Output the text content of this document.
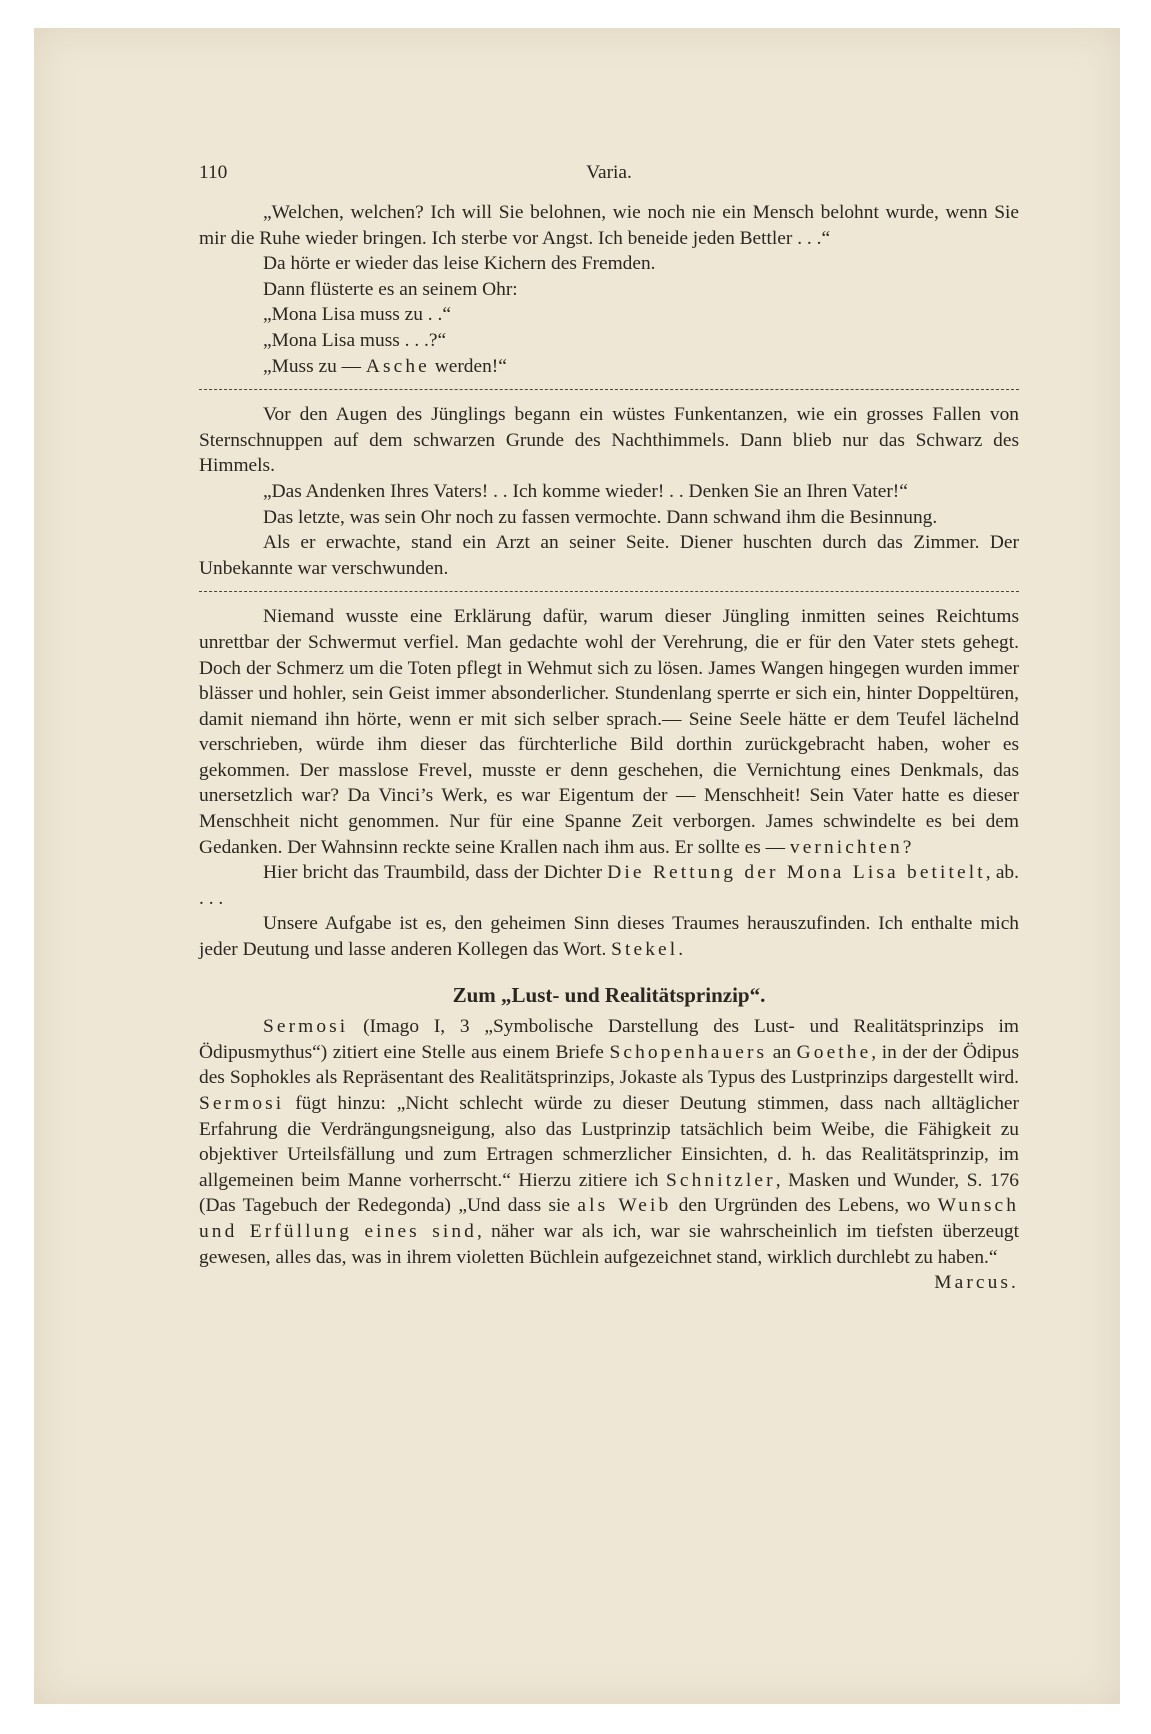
110	Varia.

„Welchen, welchen? Ich will Sie belohnen, wie noch nie ein Mensch belohnt wurde, wenn Sie mir die Ruhe wieder bringen. Ich sterbe vor Angst. Ich beneide jeden Bettler . . .“

Da hörte er wieder das leise Kichern des Fremden.

Dann flüsterte es an seinem Ohr:

„Mona Lisa muss zu . .“

„Mona Lisa muss . . .?“

„Muss zu — Asche werden!“

Vor den Augen des Jünglings begann ein wüstes Funkentanzen, wie ein grosses Fallen von Sternschnuppen auf dem schwarzen Grunde des Nachthimmels. Dann blieb nur das Schwarz des Himmels.

„Das Andenken Ihres Vaters! . . Ich komme wieder! . . Denken Sie an Ihren Vater!“

Das letzte, was sein Ohr noch zu fassen vermochte. Dann schwand ihm die Besinnung.

Als er erwachte, stand ein Arzt an seiner Seite. Diener huschten durch das Zimmer. Der Unbekannte war verschwunden.

Niemand wusste eine Erklärung dafür, warum dieser Jüngling inmitten seines Reichtums unrettbar der Schwermut verfiel. Man gedachte wohl der Verehrung, die er für den Vater stets gehegt. Doch der Schmerz um die Toten pflegt in Wehmut sich zu lösen. James Wangen hingegen wurden immer blässer und hohler, sein Geist immer absonderlicher. Stundenlang sperrte er sich ein, hinter Doppeltüren, damit niemand ihn hörte, wenn er mit sich selber sprach.— Seine Seele hätte er dem Teufel lächelnd verschrieben, würde ihm dieser das fürchterliche Bild dorthin zurückgebracht haben, woher es gekommen. Der masslose Frevel, musste er denn geschehen, die Vernichtung eines Denkmals, das unersetzlich war? Da Vinci’s Werk, es war Eigentum der — Menschheit! Sein Vater hatte es dieser Menschheit nicht genommen. Nur für eine Spanne Zeit verborgen. James schwindelte es bei dem Gedanken. Der Wahnsinn reckte seine Krallen nach ihm aus. Er sollte es — vernichten?

Hier bricht das Traumbild, dass der Dichter Die Rettung der Mona Lisa betitelt, ab. . . .

Unsere Aufgabe ist es, den geheimen Sinn dieses Traumes herauszufinden. Ich enthalte mich jeder Deutung und lasse anderen Kollegen das Wort. Stekel.

Zum „Lust- und Realitätsprinzip“.

Sermosi (Imago I, 3 „Symbolische Darstellung des Lust- und Realitätsprinzips im Ödipusmythus“) zitiert eine Stelle aus einem Briefe Schopenhauers an Goethe, in der der Ödipus des Sophokles als Repräsentant des Realitätsprinzips, Jokaste als Typus des Lustprinzips dargestellt wird. Sermosi fügt hinzu: „Nicht schlecht würde zu dieser Deutung stimmen, dass nach alltäglicher Erfahrung die Verdrängungsneigung, also das Lustprinzip tatsächlich beim Weibe, die Fähigkeit zu objektiver Urteilsfällung und zum Ertragen schmerzlicher Einsichten, d. h. das Realitätsprinzip, im allgemeinen beim Manne vorherrscht.“ Hierzu zitiere ich Schnitzler, Masken und Wunder, S. 176 (Das Tagebuch der Redegonda) „Und dass sie als Weib den Urgründen des Lebens, wo Wunsch und Erfüllung eines sind, näher war als ich, war sie wahrscheinlich im tiefsten überzeugt gewesen, alles das, was in ihrem violetten Büchlein aufgezeichnet stand, wirklich durchlebt zu haben.“
Marcus.
